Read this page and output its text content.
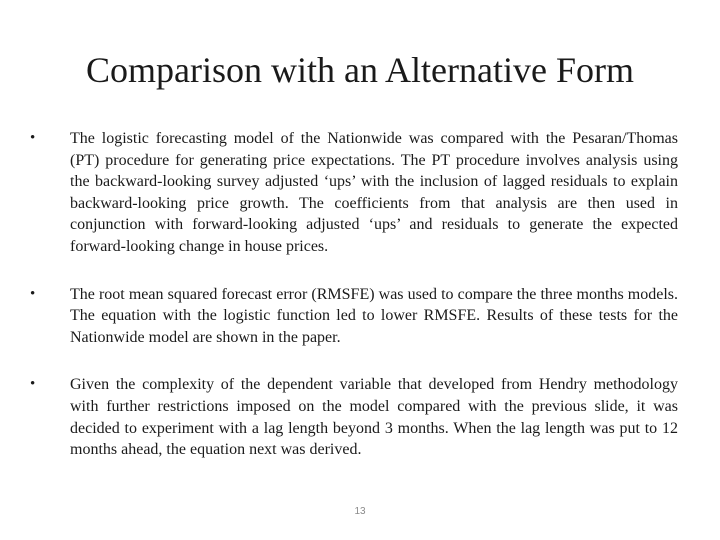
Comparison with an Alternative Form
• The logistic forecasting model of the Nationwide was compared with the Pesaran/Thomas (PT) procedure for generating price expectations. The PT procedure involves analysis using the backward-looking survey adjusted ‘ups’ with the inclusion of lagged residuals to explain backward-looking price growth. The coefficients from that analysis are then used in conjunction with forward-looking adjusted ‘ups’ and residuals to generate the expected forward-looking change in house prices.
• The root mean squared forecast error (RMSFE) was used to compare the three months models. The equation with the logistic function led to lower RMSFE. Results of these tests for the Nationwide model are shown in the paper.
• Given the complexity of the dependent variable that developed from Hendry methodology with further restrictions imposed on the model compared with the previous slide, it was decided to experiment with a lag length beyond 3 months. When the lag length was put to 12 months ahead, the equation next was derived.
13
